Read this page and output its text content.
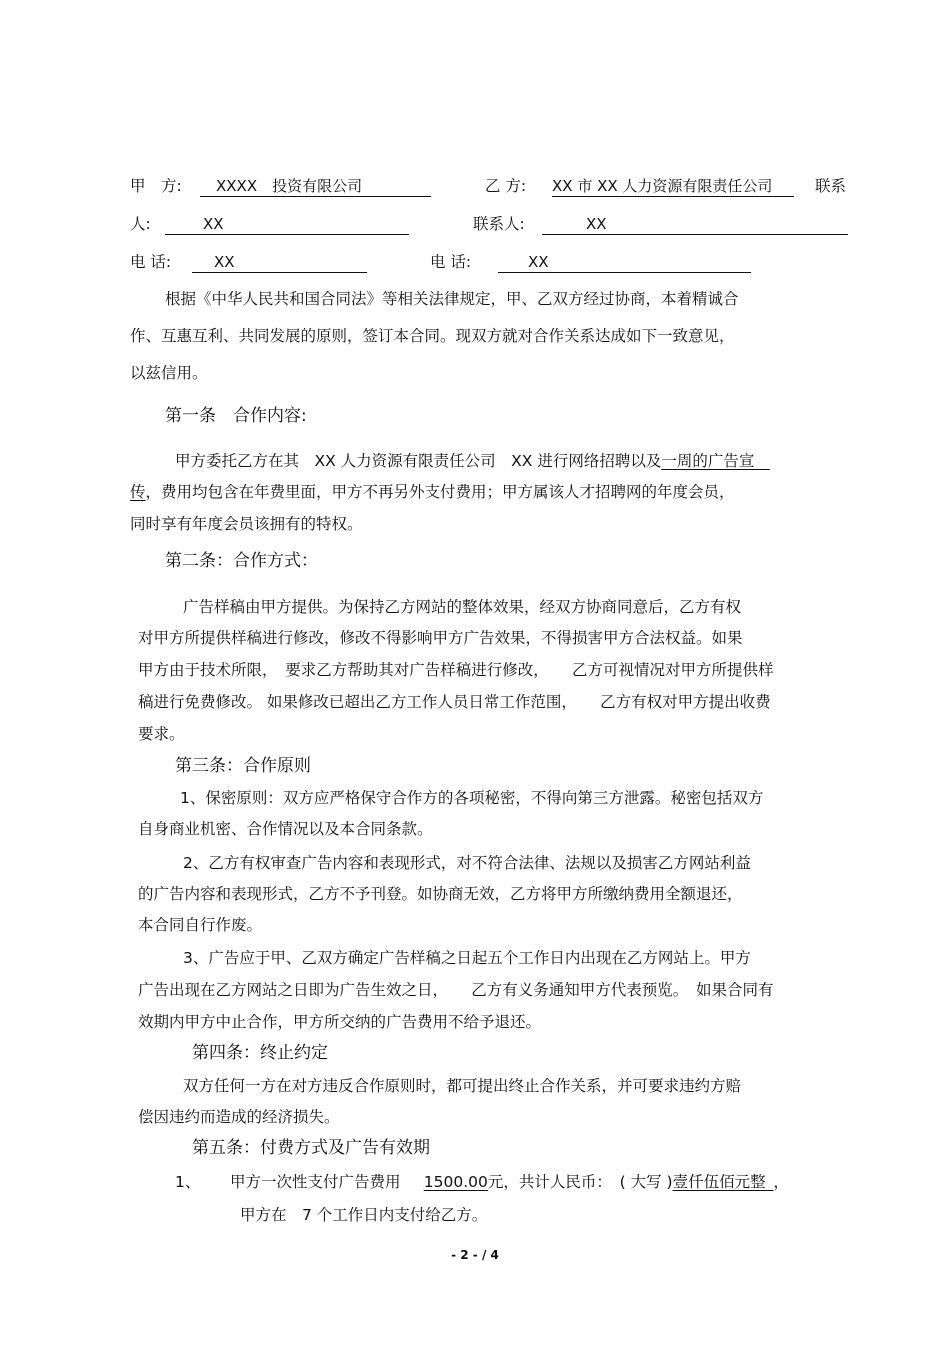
甲　方:	XXXX　投资有限公司	乙 方: XX 市 XX 人力资源有限责任公司	联系
人:	XX	联系人:	XX
电 话:	XX	电 话:	XX
根据《中华人民共和国合同法》等相关法律规定，甲、乙双方经过协商，本着精诚合
作、互惠互利、共同发展的原则，签订本合同。现双方就对合作关系达成如下一致意见，
以兹信用。
第一条　合作内容:
甲方委托乙方在其　XX 人力资源有限责任公司　XX 进行网络招聘以及一周的广告宣 
传，费用均包含在年费里面，甲方不再另外支付费用；甲方属该人才招聘网的年度会员，
同时享有年度会员该拥有的特权。
第二条：合作方式：
广告样稿由甲方提供。为保持乙方网站的整体效果，经双方协商同意后，乙方有权
对甲方所提供样稿进行修改，修改不得影响甲方广告效果，不得损害甲方合法权益。如果
甲方由于技术所限，　要求乙方帮助其对广告样稿进行修改，　　乙方可视情况对甲方所提供样
稿进行免费修改。 如果修改已超出乙方工作人员日常工作范围，　　乙方有权对甲方提出收费
要求。
第三条：合作原则
1、保密原则：双方应严格保守合作方的各项秘密，不得向第三方泄露。秘密包括双方
自身商业机密、合作情况以及本合同条款。
2、乙方有权审查广告内容和表现形式，对不符合法律、法规以及损害乙方网站利益
的广告内容和表现形式，乙方不予刊登。如协商无效，乙方将甲方所缴纳费用全额退还，
本合同自行作废。
3、广告应于甲、乙双方确定广告样稿之日起五个工作日内出现在乙方网站上。甲方
广告出现在乙方网站之日即为广告生效之日，　　乙方有义务通知甲方代表预览。　如果合同有
效期内甲方中止合作，甲方所交纳的广告费用不给予退还。
第四条：终止约定
双方任何一方在对方违反合作原则时，都可提出终止合作关系，并可要求违约方赔
偿因违约而造成的经济损失。
第五条：付费方式及广告有效期
1、 甲方一次性支付广告费用   1500.00元，共计人民币：　( 大写 )壹仟伍佰元整  ，
甲方在　7 个工作日内支付给乙方。
- 2 - / 4
